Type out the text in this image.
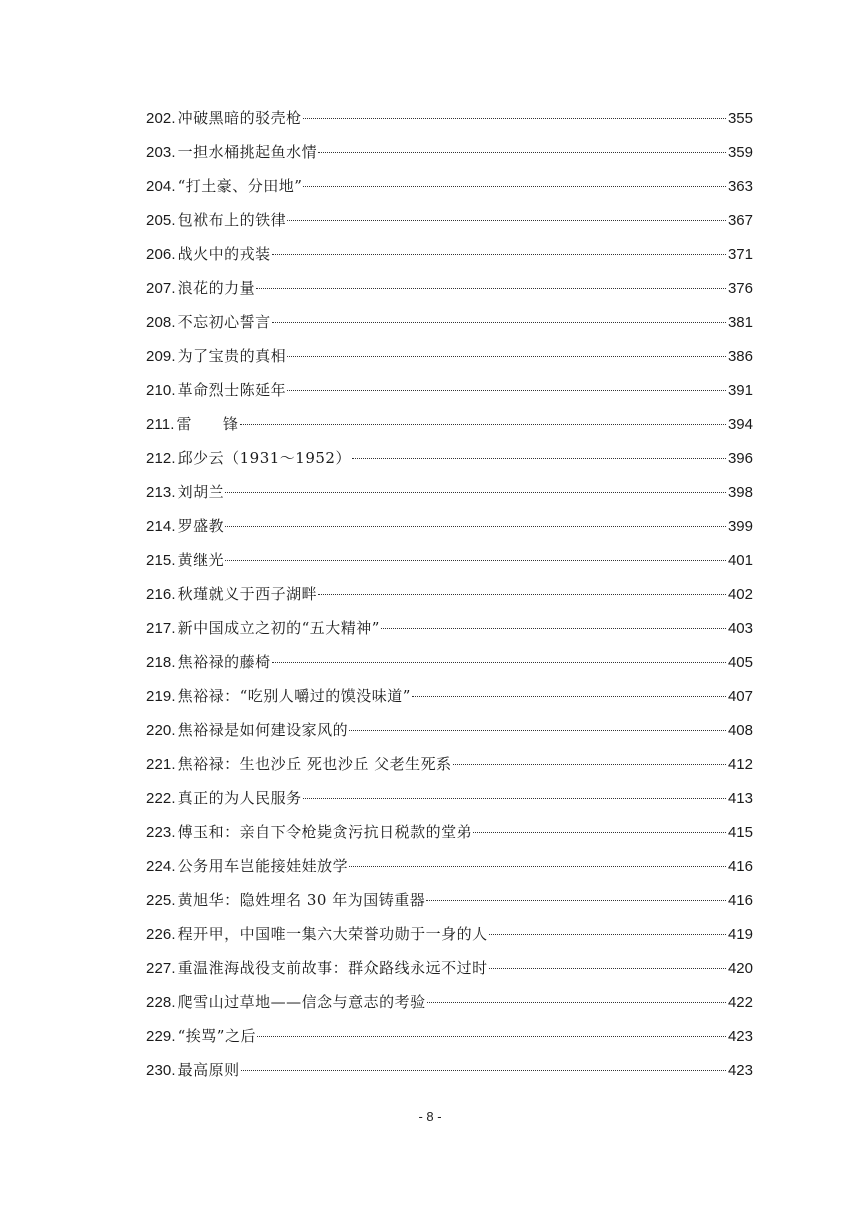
202. 冲破黑暗的驳壳枪	355
203. 一担水桶挑起鱼水情	359
204. “打土豪、分田地”	363
205. 包袱布上的铁律	367
206. 战火中的戎装	371
207. 浪花的力量	376
208. 不忘初心誓言	381
209. 为了宝贵的真相	386
210. 革命烈士陈延年	391
211. 雷　　锋	394
212. 邱少云（1931～1952）	396
213. 刘胡兰	398
214. 罗盛教	399
215. 黄继光	401
216. 秋瑾就义于西子湖畔	402
217. 新中国成立之初的“五大精神”	403
218. 焦裕禄的藤椅	405
219. 焦裕禄：“吃别人嚼过的馍没味道”	407
220. 焦裕禄是如何建设家风的	408
221. 焦裕禄：生也沙丘 死也沙丘 父老生死系	412
222. 真正的为人民服务	413
223. 傅玉和：亲自下令枪毙贪污抗日税款的堂弟	415
224. 公务用车岂能接娃娃放学	416
225. 黄旭华：隐姓埋名 30 年为国铸重器	416
226. 程开甲，中国唯一集六大荣誉功勋于一身的人	419
227. 重温淮海战役支前故事：群众路线永远不过时	420
228. 爬雪山过草地——信念与意志的考验	422
229. “挨骂”之后	423
230. 最高原则	423
- 8 -
